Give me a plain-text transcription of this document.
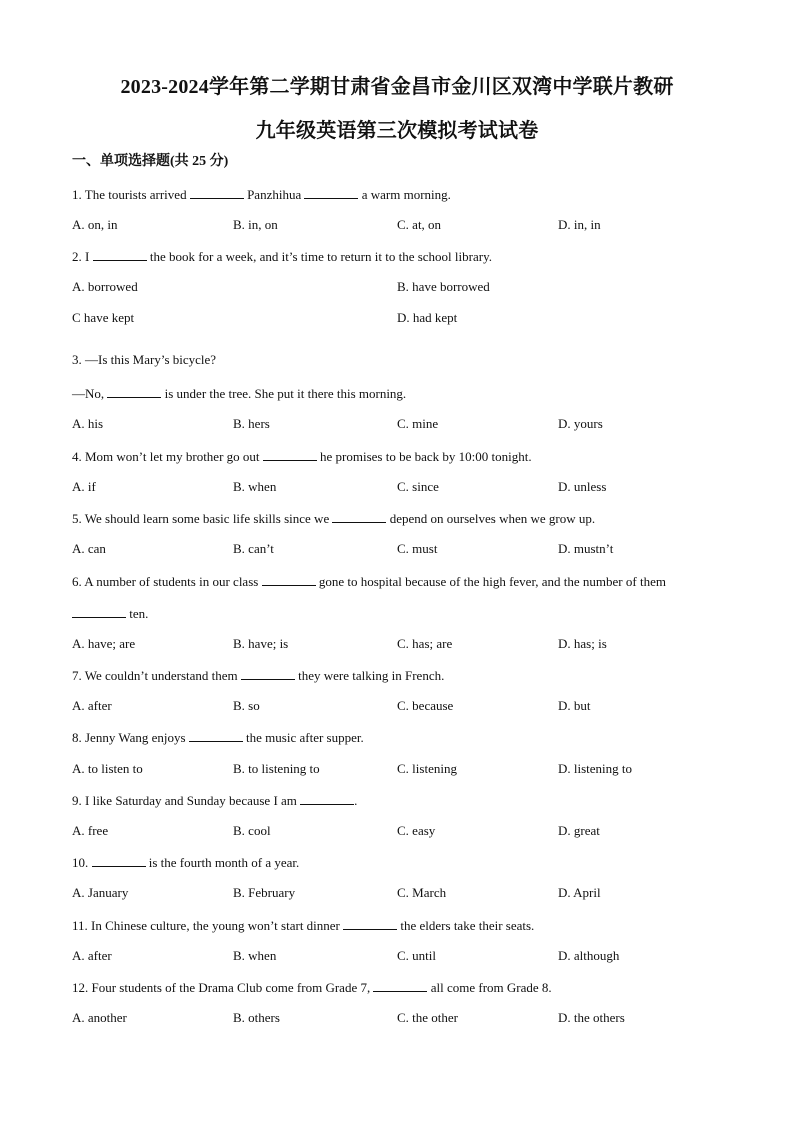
2023-2024学年第二学期甘肃省金昌市金川区双湾中学联片教研
九年级英语第三次模拟考试试卷
一、单项选择题(共 25 分)
1. The tourists arrived	Panzhihua	a warm morning.
A. on, in	B. in, on	C. at, on	D. in, in
2. I	the book for a week, and it’s time to return it to the school library.
A. borrowed	B. have borrowed
C have kept	D. had kept
3. —Is this Mary’s bicycle?
—No,	is under the tree. She put it there this morning.
A. his	B. hers	C. mine	D. yours
4. Mom won’t let my brother go out	he promises to be back by 10:00 tonight.
A. if	B. when	C. since	D. unless
5. We should learn some basic life skills since we	depend on ourselves when we grow up.
A. can	B. can’t	C. must	D. mustn’t
6. A number of students in our class	gone to hospital because of the high fever, and the number of them
ten.
A. have; are	B. have; is	C. has; are	D. has; is
7. We couldn’t understand them	they were talking in French.
A. after	B. so	C. because	D. but
8. Jenny Wang enjoys	the music after supper.
A. to listen to	B. to listening to	C. listening	D. listening to
9. I like Saturday and Sunday because I am	.
A. free	B. cool	C. easy	D. great
10.	is the fourth month of a year.
A. January	B. February	C. March	D. April
11. In Chinese culture, the young won’t start dinner	the elders take their seats.
A. after	B. when	C. until	D. although
12. Four students of the Drama Club come from Grade 7,	all come from Grade 8.
A. another	B. others	C. the other	D. the others
